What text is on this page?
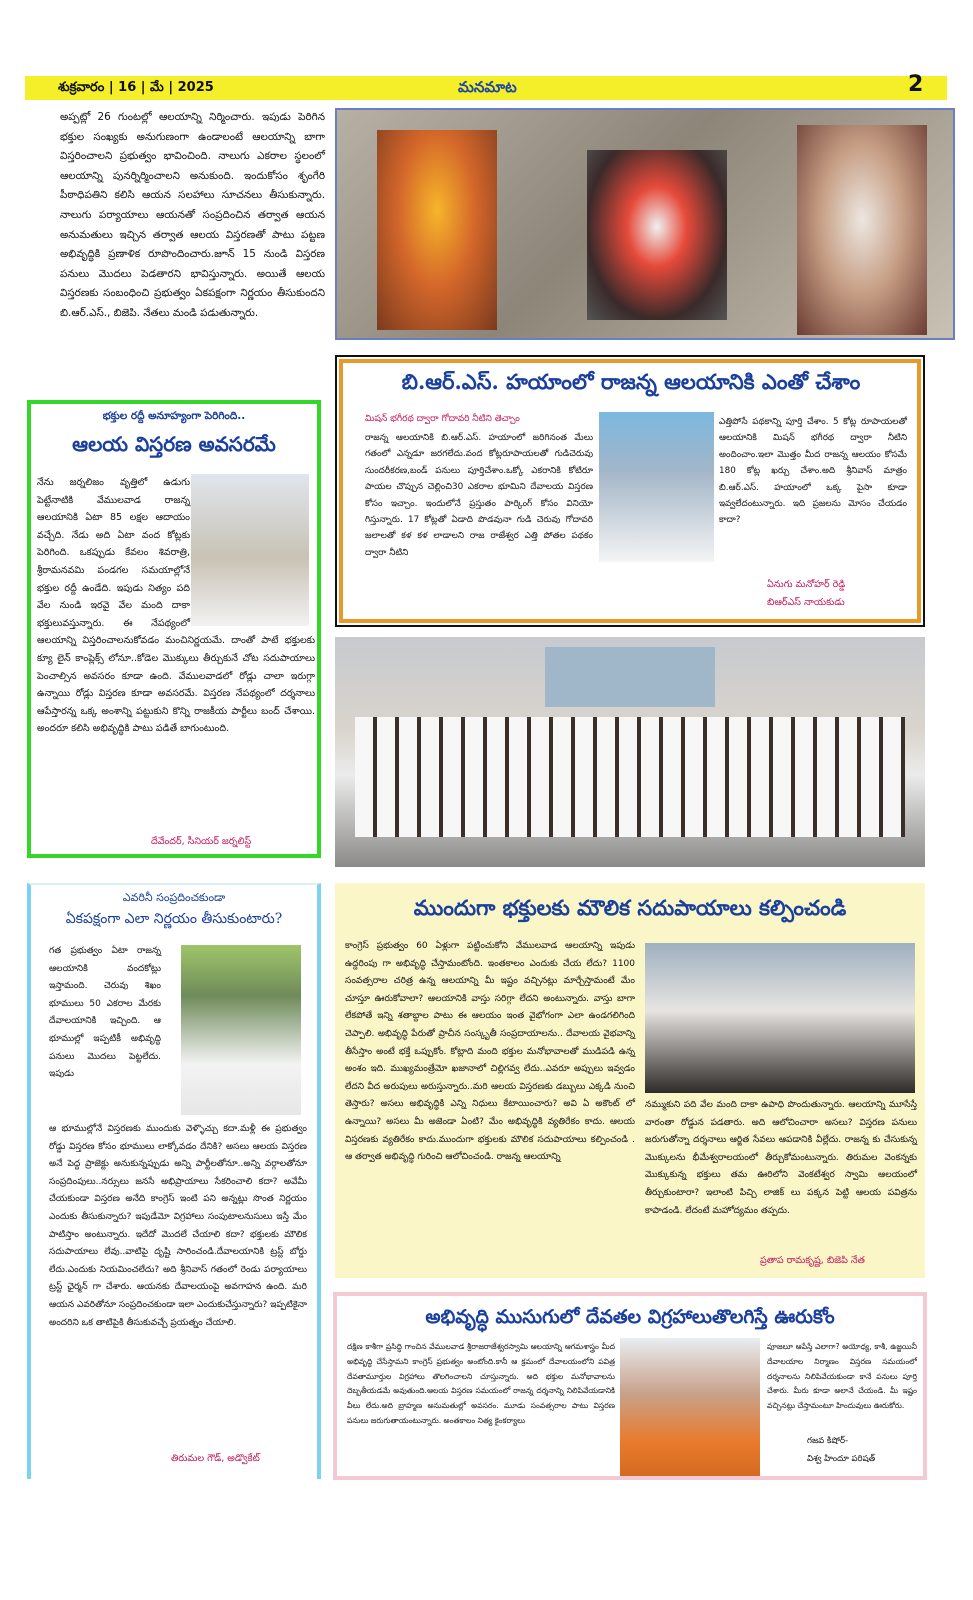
శుక్రవారం | 16 | మే | 2025	మనమాట	2
అప్పట్లో 26 గుంటల్లో ఆలయాన్ని నిర్మించారు. ఇపుడు పెరిగిన భక్తుల సంఖ్యకు అనుగుణంగా ఉండాలంటే ఆలయాన్ని బాగా విస్తరించాలని ప్రభుత్వం భావించింది. నాలుగు ఎకరాల స్థలంలో ఆలయాన్ని పునర్నిర్మించాలని అనుకుంది. ఇందుకోసం శృంగేరి పీఠాధిపతిని కలిసి ఆయన సలహాలు సూచనలు తీసుకున్నారు. నాలుగు పర్యాయాలు ఆయనతో సంప్రదించిన తర్వాత ఆయన అనుమతులు ఇచ్చిన తర్వాత ఆలయ విస్తరణతో పాటు పట్టణ అభివృద్ధికి ప్రణాళిక రూపొందించారు.జూన్ 15 నుండి విస్తరణ పనులు మొదలు పెడతారని భావిస్తున్నారు. అయితే ఆలయ విస్తరణకు సంబంధించి ప్రభుత్వం ఏకపక్షంగా నిర్ణయం తీసుకుందని బి.ఆర్.ఎస్., బిజెపి. నేతలు మండి పడుతున్నారు.
భక్తుల రద్దీ అనూహ్యంగా పెరిగింది..
ఆలయ విస్తరణ అవసరమే
నేను జర్నలిజం వృత్తిలో ఉడుగు పెట్టేనాటికి వేములవాడ రాజన్న ఆలయానికి ఏటా 85 లక్షల ఆదాయం వచ్చేది. నేడు అది ఏటా వంద కోట్లకు పెరిగింది. ఒకప్పుడు కేవలం శివరాత్రి, శ్రీరామనవమి పండగల సమయాల్లోనే భక్తుల రద్దీ ఉండేది. ఇపుడు నిత్యం పది వేల నుండి ఇరవై వేల మంది దాకా భక్తులువస్తున్నారు. ఈ నేపథ్యంలో ఆలయాన్ని విస్తరించాలనుకోవడం మంచినిర్ణయమే. దాంతో పాటే భక్తులకు క్యూ లైన్ కాంప్లెక్స్ లోనూ..కోడెల మొక్కులు తీర్చుకునే చోట సదుపాయాలు పెంచాల్సిన అవసరం కూడా ఉంది. వేములవాడలో రోడ్లు చాలా ఇరుగ్గా ఉన్నాయి రోడ్లు విస్తరణ కూడా అవసరమే. విస్తరణ నేపథ్యంలో దర్శనాలు ఆపేస్తారన్న ఒక్క అంశాన్ని పట్టుకుని కొన్ని రాజకీయ పార్టీలు బంద్ చేశాయి. అందరూ కలిసి అభివృద్ధికి పాటు పడితే బాగుంటుంది.
దేవేందర్, సీనియర్ జర్నలిస్ట్
బి.ఆర్.ఎస్. హయాంలో రాజన్న ఆలయానికి ఎంతో చేశాం
మిషన్ భగీరథ ద్వారా గోదావరి నీటిని తెచ్చాం
రాజన్న ఆలయానికి బి.ఆర్.ఎస్. హయాంలో జరిగినంత మేలు గతంలో ఎన్నడూ జరగలేదు.వంద కోట్లరూపాయలతో గుడిచెరువు సుందరీకరణ,బండ్ పనులు పూర్తిచేశాం.ఒక్కో ఎకరానికి కోటిరూ పాయల చొప్పున చెల్లించి30 ఎకరాల భూమిని దేవాలయ విస్తరణ కోసం ఇచ్చాం. ఇందులోనే ప్రస్తుతం పార్కింగ్ కోసం వినియో గిస్తున్నారు. 17 కోట్లతో ఏడాది పొడవునా గుడి చెరువు గోదావరి జలాలతో కళ కళ లాడాలని రాజ రాజేశ్వర ఎత్తి పోతల పథకం ద్వారా నీటిని
ఎత్తిపోసే పథకాన్ని పూర్తి చేశాం. 5 కోట్ల రూపాయలతో ఆలయానికి మిషన్ భగీరథ ద్వారా నీటిని అందించాం.ఇలా మొత్తం మీద రాజన్న ఆలయం కోసమే 180 కోట్ల ఖర్చు చేశాం.అది శ్రీనివాస్ మాత్రం బి.ఆర్.ఎస్. హయాంలో ఒక్క పైసా కూడా ఇవ్వలేదంటున్నారు. ఇది ప్రజలను మోసం చేయడం కాదా?
ఏనుగు మనోహర్ రెడ్డి
బిఆర్ఎస్ నాయకుడు
ఎవరినీ సంప్రదించకుండా
ఏకపక్షంగా ఎలా నిర్ణయం తీసుకుంటారు?
గత ప్రభుత్వం ఏటా రాజన్న ఆలయానికి వందకోట్లు ఇస్తామంది. చెరువు శిఖం భూములు 50 ఎకరాల మేరకు దేవాలయానికి ఇచ్చింది. ఆ భూముల్లో ఇప్పటికీ అభివృద్ధి పనులు మొదలు పెట్టలేదు. ఇపుడు
ఆ భూముల్లోనే విస్తరణకు ముందుకు వెళ్ళొచ్చు కదా.మళ్లీ ఈ ప్రభుత్వం రోడ్డు విస్తరణ కోసం భూములు లాక్కోవడం దేనికి? అసలు ఆలయ విస్తరణ అనే పెద్ద ప్రాజెక్టు అనుకున్నప్పుడు అన్ని పార్టీలతోనూ..అన్ని వర్గాలతోనూ సంప్రదింపులు..నర్సులు జనసే అభిప్రాయాలు సేకరించాలి కదా? అవేమీ చేయకుండా విస్తరణ అనేది కాంగ్రెస్ ఇంటి పని అన్నట్లు సొంత నిర్ణయం ఎందుకు తీసుకున్నారు? ఇపుడేమో విగ్రహాలు సంపుటాలనుసులు ఇస్తే మేం పాటిస్తాం అంటున్నారు. ఇదేదో మొదలే చేయాలి కదా? భక్తులకు మౌలిక సదుపాయాలు లేవు..వాటిపై దృష్టి సారించండి.దేవాలయానికి ట్రస్ట్ బోర్డు లేదు.ఎందుకు నియమించలేదు? అది శ్రీనివాస్ గతంలో రెండు పర్యాయాలు ట్రస్ట్ ఛైర్మన్ గా చేశారు. ఆయనకు దేవాలయంపై అవగాహన ఉంది. మరి ఆయన ఎవరితోనూ సంప్రదించకుండా ఇలా ఎందుకుచేస్తున్నారు? ఇప్పటికైనా అందరిని ఒక తాటిపైకి తీసుకువచ్చే ప్రయత్నం చేయాలి.
తిరుమల గౌడ్, అడ్వొకేట్
ముందుగా భక్తులకు మౌలిక సదుపాయాలు కల్పించండి
కాంగ్రెస్ ప్రభుత్వం 60 ఏళ్లుగా పట్టించుకోని వేములవాడ ఆలయాన్ని ఇపుడు ఉద్దరింపు గా అభివృద్ధి చేస్తామంటోంది. ఇంతకాలం ఎందుకు చేయ లేదు? 1100 సంవత్సరాల చరిత్ర ఉన్న ఆలయాన్ని మీ ఇష్టం వచ్చినట్లు మార్చేస్తామంటే మేం చూస్తూ ఊరుకోవాలా? ఆలయానికి వాస్తు సరిగ్గా లేదని అంటున్నారు. వాస్తు బాగా లేకపోతే ఇన్ని శతాబ్దాల పాటు ఈ ఆలయం ఇంత వైభోగంగా ఎలా ఉండగలిగింది చెప్పాలి. అభివృద్ధి పేరుతో ప్రాచీన సంస్కృతీ సంప్రదాయాలను.. దేవాలయ వైభవాన్ని తీసేస్తాం అంటే భక్తే ఒప్పుకోం. కోట్లాది మంది భక్తుల మనోభావాలతో ముడిపడి ఉన్న అంశం ఇది. ముఖ్యమంత్రేమో ఖజానాలో చిల్లిగవ్వ లేదు..ఎవరూ అప్పులు ఇవ్వడం లేదని వీద అరుపులు అరుస్తున్నారు..మరి ఆలయ విస్తరణకు డబ్బులు ఎక్కడి నుంచి తెస్తారు? అసలు అభివృద్ధికి ఎన్ని నిధులు కేటాయించారు? అవి ఏ అకౌంట్ లో ఉన్నాయి? అసలు మీ అజెండా ఏంటి? మేం అభివృద్ధికి వ్యతిరేకం కాదు. ఆలయ విస్తరణకు వ్యతిరేకం కాదు.ముందుగా భక్తులకు మౌలిక సదుపాయాలు కల్పించండి . ఆ తర్వాత అభివృద్ధి గురించి ఆలోచించండి. రాజన్న ఆలయాన్ని
నమ్ముకుని పది వేల మంది దాకా ఉపాధి పొందుతున్నారు. ఆలయాన్ని మూసేస్తే వారంతా రోడ్డున పడతారు. అది ఆలోచించారా అసలు? విస్తరణ పనులు జరుగుతోన్నా దర్శనాలు ఆర్జిత సేవలు ఆపడానికి వీల్లేదు. రాజన్న కు చేసుకున్న మొక్కులను భీమేశ్వరాలయంలో తీర్చుకోమంటున్నారు. తిరుమల వెంకన్నకు మొక్కుకున్న భక్తులు తమ ఊరిలోని వెంకటేశ్వర స్వామి ఆలయంలో తీర్చుకుంటారా? ఇలాంటి పిచ్చి లాజిక్ లు పక్కన పెట్టి ఆలయ పవిత్రను కాపాడండి. లేదంటే మహోద్యమం తప్పదు.
ప్రతాప రామకృష్ణ, బిజెపి నేత
అభివృద్ధి ముసుగులో దేవతల విగ్రహాలుతొలగిస్తే ఊరుకోం
దక్షిణ కాశీగా ప్రసిద్ధి గాంచిన వేములవాడ శ్రీరాజరాజేశ్వరస్వామి ఆలయాన్ని ఆగమశాస్త్రం మీద అభివృద్ధి చేసేస్తామని కాంగ్రెస్ ప్రభుత్వం అంటోంది.కానీ ఆ క్రమంలో దేవాలయంలోని పవిత్ర దేవతామూర్తుల విగ్రహాలు తొలగించాలని చూస్తున్నారు. అది భక్తుల మనోభావాలను దెబ్బతీయడమే అవుతుంది.ఆలయ విస్తరణ సమయంలో రాజన్న దర్శనాన్ని నిలిపివేయడానికి వీలు లేదు.అది బ్రాహ్మణ అనుమతుల్లో అవసరం. మూడు సంవత్సరాల పాటు విస్తరణ పనులు జరుగుతాయంటున్నారు. అంతకాలం నిత్య కైంకర్యాలు
పూజలూ ఆపేస్తే ఎలాగా? అయోధ్య, కాశీ, ఉజ్జయినీ దేవాలయాల నిర్మాణం విస్తరణ సమయంలో దర్శనాలను నిలిపివేయకుండా కానే పనులు పూర్తి చేశారు. మీరు కూడా అలానే చేయండి. మీ ఇష్టం వచ్చినట్లు చేస్తామంటూ హిందువులు ఊరుకోరు.
గజవ కిషోర్-
విశ్వ హిందూ పరిషత్
